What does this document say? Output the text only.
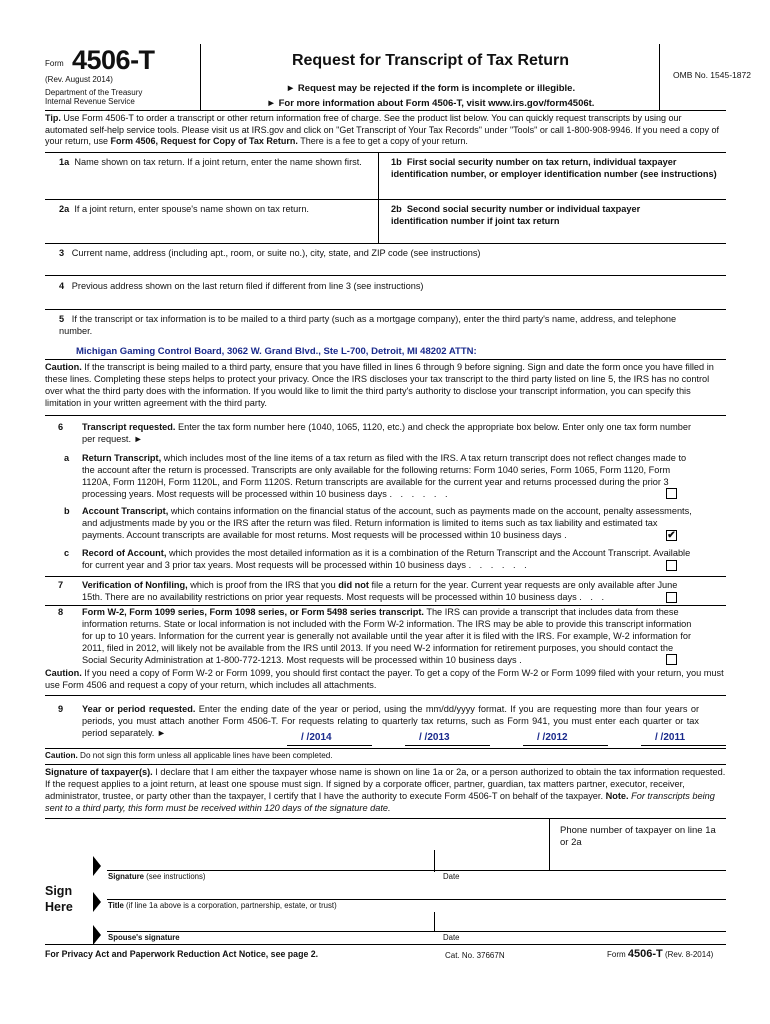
Form 4506-T
(Rev. August 2014)
Department of the Treasury
Internal Revenue Service
Request for Transcript of Tax Return
► Request may be rejected if the form is incomplete or illegible.
► For more information about Form 4506-T, visit www.irs.gov/form4506t.
OMB No. 1545-1872
Tip. Use Form 4506-T to order a transcript or other return information free of charge. See the product list below. You can quickly request transcripts by using our automated self-help service tools. Please visit us at IRS.gov and click on "Get Transcript of Your Tax Records" under "Tools" or call 1-800-908-9946. If you need a copy of your return, use Form 4506, Request for Copy of Tax Return. There is a fee to get a copy of your return.
1a Name shown on tax return. If a joint return, enter the name shown first.	1b First social security number on tax return, individual taxpayer identification number, or employer identification number (see instructions)
2a If a joint return, enter spouse's name shown on tax return.	2b Second social security number or individual taxpayer identification number if joint tax return
3 Current name, address (including apt., room, or suite no.), city, state, and ZIP code (see instructions)
4 Previous address shown on the last return filed if different from line 3 (see instructions)
5 If the transcript or tax information is to be mailed to a third party (such as a mortgage company), enter the third party's name, address, and telephone number.
Michigan Gaming Control Board, 3062 W. Grand Blvd., Ste L-700, Detroit, MI 48202 ATTN:
Caution. If the transcript is being mailed to a third party, ensure that you have filled in lines 6 through 9 before signing. Sign and date the form once you have filled in these lines. Completing these steps helps to protect your privacy. Once the IRS discloses your tax transcript to the third party listed on line 5, the IRS has no control over what the third party does with the information. If you would like to limit the third party's authority to disclose your transcript information, you can specify this limitation in your written agreement with the third party.
6 Transcript requested. Enter the tax form number here (1040, 1065, 1120, etc.) and check the appropriate box below. Enter only one tax form number per request. ►
a Return Transcript, which includes most of the line items of a tax return as filed with the IRS. A tax return transcript does not reflect changes made to the account after the return is processed. Transcripts are only available for the following returns: Form 1040 series, Form 1065, Form 1120, Form 1120A, Form 1120H, Form 1120L, and Form 1120S. Return transcripts are available for the current year and returns processed during the prior 3 processing years. Most requests will be processed within 10 business days . . . . . .
b Account Transcript, which contains information on the financial status of the account, such as payments made on the account, penalty assessments, and adjustments made by you or the IRS after the return was filed. Return information is limited to items such as tax liability and estimated tax payments. Account transcripts are available for most returns. Most requests will be processed within 10 business days .	✔
c Record of Account, which provides the most detailed information as it is a combination of the Return Transcript and the Account Transcript. Available for current year and 3 prior tax years. Most requests will be processed within 10 business days . . . . . .
7 Verification of Nonfiling, which is proof from the IRS that you did not file a return for the year. Current year requests are only available after June 15th. There are no availability restrictions on prior year requests. Most requests will be processed within 10 business days . . .
8 Form W-2, Form 1099 series, Form 1098 series, or Form 5498 series transcript. The IRS can provide a transcript that includes data from these information returns. State or local information is not included with the Form W-2 information. The IRS may be able to provide this transcript information for up to 10 years. Information for the current year is generally not available until the year after it is filed with the IRS. For example, W-2 information for 2011, filed in 2012, will likely not be available from the IRS until 2013. If you need W-2 information for retirement purposes, you should contact the Social Security Administration at 1-800-772-1213. Most requests will be processed within 10 business days .
Caution. If you need a copy of Form W-2 or Form 1099, you should first contact the payer. To get a copy of the Form W-2 or Form 1099 filed with your return, you must use Form 4506 and request a copy of your return, which includes all attachments.
9 Year or period requested. Enter the ending date of the year or period, using the mm/dd/yyyy format. If you are requesting more than four years or periods, you must attach another Form 4506-T. For requests relating to quarterly tax returns, such as Form 941, you must enter each quarter or tax period separately. ►	/ /2014	/ /2013	/ /2012	/ /2011
Caution. Do not sign this form unless all applicable lines have been completed.
Signature of taxpayer(s). I declare that I am either the taxpayer whose name is shown on line 1a or 2a, or a person authorized to obtain the tax information requested. If the request applies to a joint return, at least one spouse must sign. If signed by a corporate officer, partner, guardian, tax matters partner, executor, receiver, administrator, trustee, or party other than the taxpayer, I certify that I have the authority to execute Form 4506-T on behalf of the taxpayer. Note. For transcripts being sent to a third party, this form must be received within 120 days of the signature date.
Phone number of taxpayer on line 1a or 2a
Sign Here
Signature (see instructions)	Date
Title (if line 1a above is a corporation, partnership, estate, or trust)
Spouse's signature	Date
For Privacy Act and Paperwork Reduction Act Notice, see page 2.	Cat. No. 37667N	Form 4506-T (Rev. 8-2014)
